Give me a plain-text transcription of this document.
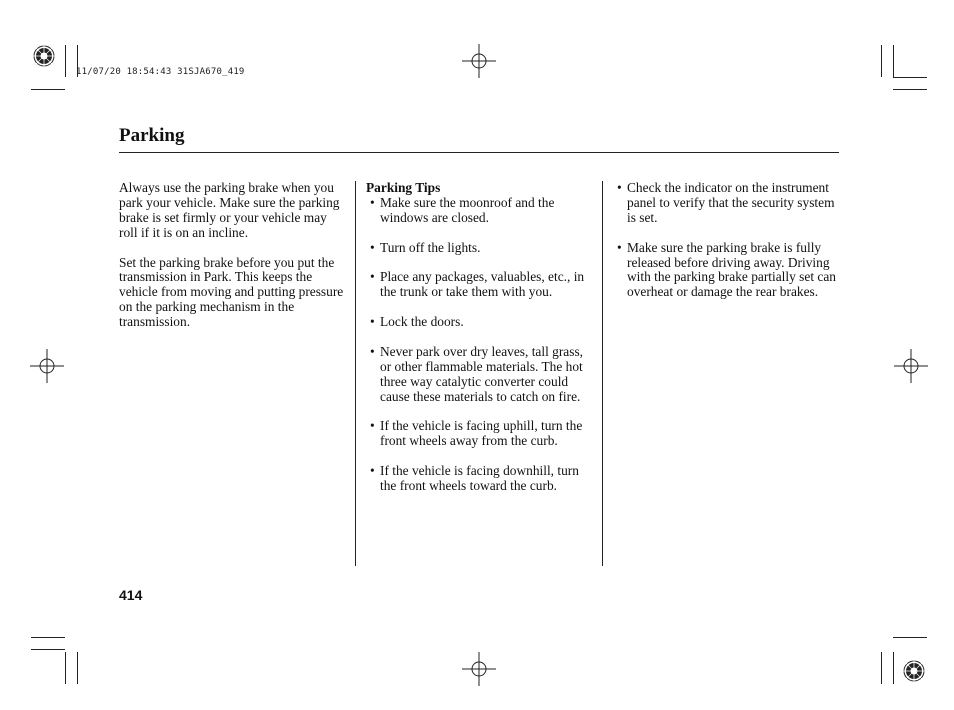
11/07/20 18:54:43 31SJA670_419
Parking

Always use the parking brake when you park your vehicle. Make sure the parking brake is set firmly or your vehicle may roll if it is on an incline.

Set the parking brake before you put the transmission in Park. This keeps the vehicle from moving and putting pressure on the parking mechanism in the transmission.

Parking Tips
• Make sure the moonroof and the windows are closed.
• Turn off the lights.
• Place any packages, valuables, etc., in the trunk or take them with you.
• Lock the doors.
• Never park over dry leaves, tall grass, or other flammable materials. The hot three way catalytic converter could cause these materials to catch on fire.
• If the vehicle is facing uphill, turn the front wheels away from the curb.
• If the vehicle is facing downhill, turn the front wheels toward the curb.
• Check the indicator on the instrument panel to verify that the security system is set.
• Make sure the parking brake is fully released before driving away. Driving with the parking brake partially set can overheat or damage the rear brakes.
414
